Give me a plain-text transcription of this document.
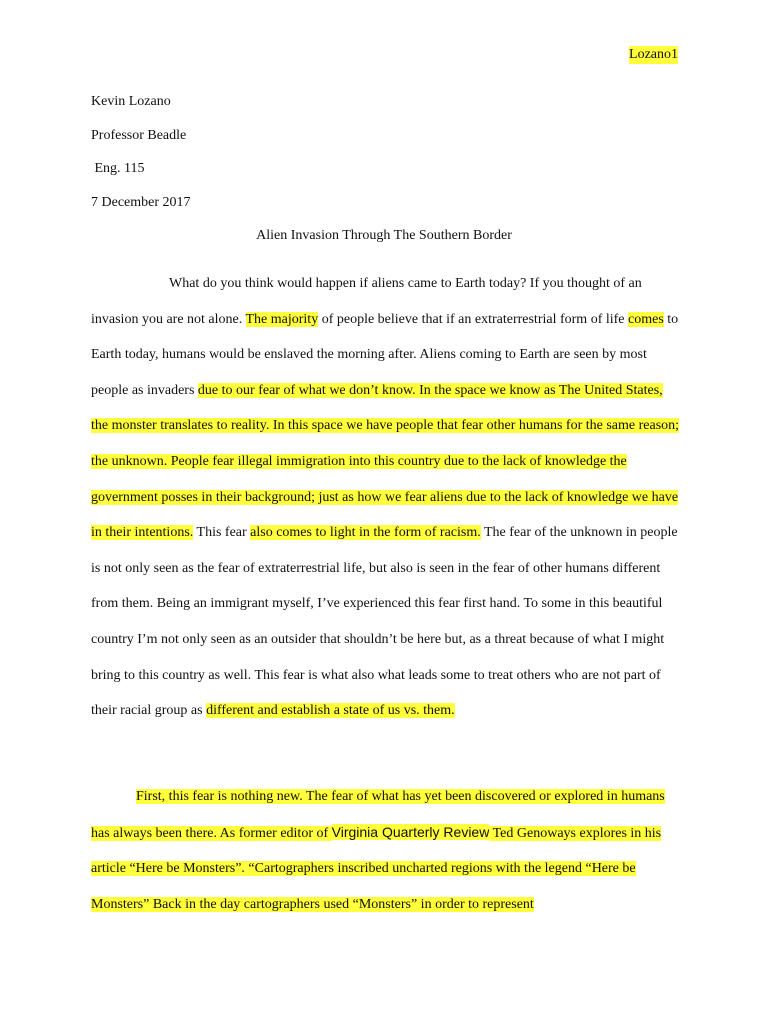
Lozano1
Kevin Lozano
Professor Beadle
Eng. 115
7 December 2017
Alien Invasion Through The Southern Border

What do you think would happen if aliens came to Earth today? If you thought of an invasion you are not alone. The majority of people believe that if an extraterrestrial form of life comes to Earth today, humans would be enslaved the morning after. Aliens coming to Earth are seen by most people as invaders due to our fear of what we don’t know. In the space we know as The United States, the monster translates to reality. In this space we have people that fear other humans for the same reason; the unknown. People fear illegal immigration into this country due to the lack of knowledge the government posses in their background; just as how we fear aliens due to the lack of knowledge we have in their intentions. This fear also comes to light in the form of racism. The fear of the unknown in people is not only seen as the fear of extraterrestrial life, but also is seen in the fear of other humans different from them. Being an immigrant myself, I’ve experienced this fear first hand. To some in this beautiful country I’m not only seen as an outsider that shouldn’t be here but, as a threat because of what I might bring to this country as well. This fear is what also what leads some to treat others who are not part of their racial group as different and establish a state of us vs. them.

First, this fear is nothing new. The fear of what has yet been discovered or explored in humans has always been there. As former editor of Virginia Quarterly Review Ted Genoways explores in his article “Here be Monsters”. “Cartographers inscribed uncharted regions with the legend “Here be Monsters” Back in the day cartographers used “Monsters” in order to represent
